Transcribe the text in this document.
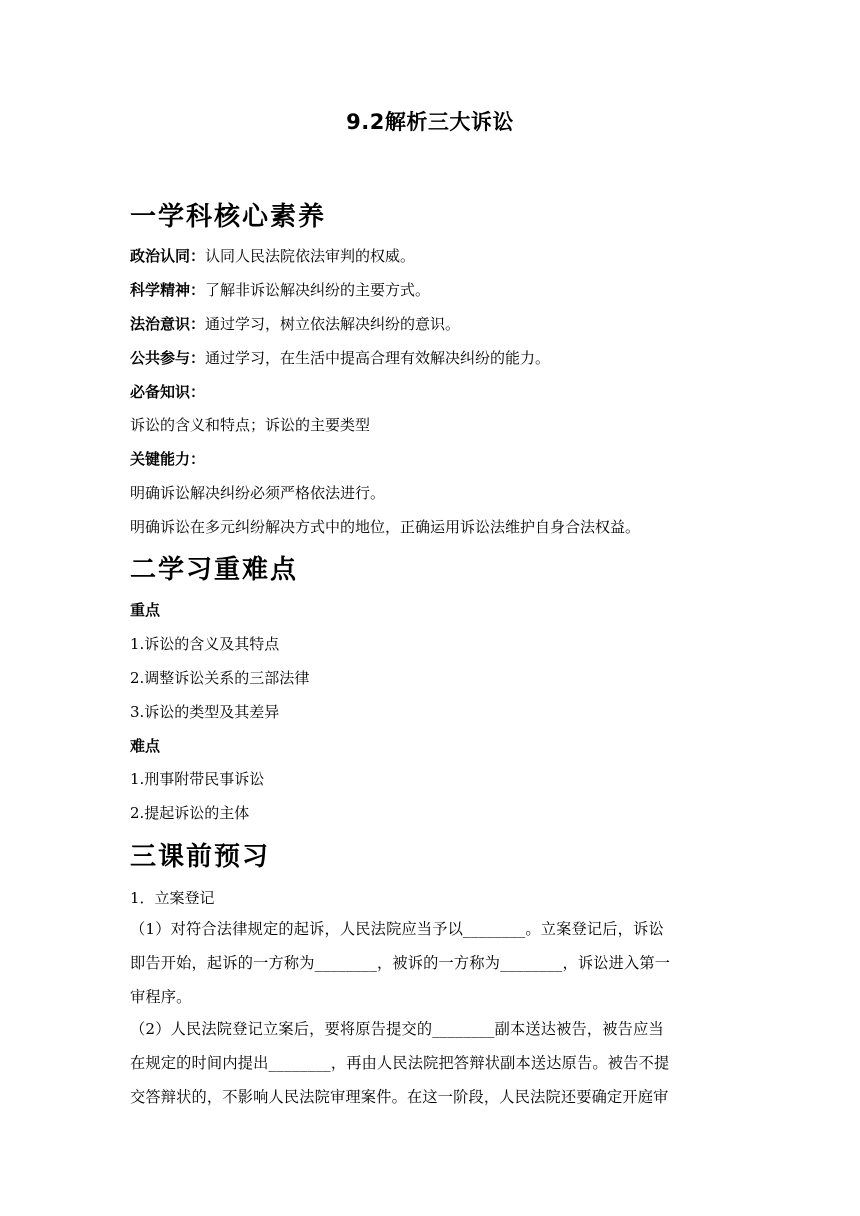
9.2解析三大诉讼
一学科核心素养
政治认同：认同人民法院依法审判的权威。
科学精神：了解非诉讼解决纠纷的主要方式。
法治意识：通过学习，树立依法解决纠纷的意识。
公共参与：通过学习，在生活中提高合理有效解决纠纷的能力。
必备知识：
诉讼的含义和特点；诉讼的主要类型
关键能力：
明确诉讼解决纠纷必须严格依法进行。
明确诉讼在多元纠纷解决方式中的地位，正确运用诉讼法维护自身合法权益。
二学习重难点
重点
1.诉讼的含义及其特点
2.调整诉讼关系的三部法律
3.诉讼的类型及其差异
难点
1.刑事附带民事诉讼
2.提起诉讼的主体
三课前预习
1．立案登记
（1）对符合法律规定的起诉，人民法院应当予以________。立案登记后，诉讼
即告开始，起诉的一方称为________，被诉的一方称为________，诉讼进入第一
审程序。
（2）人民法院登记立案后，要将原告提交的________副本送达被告，被告应当
在规定的时间内提出________，再由人民法院把答辩状副本送达原告。被告不提
交答辩状的，不影响人民法院审理案件。在这一阶段，人民法院还要确定开庭审
